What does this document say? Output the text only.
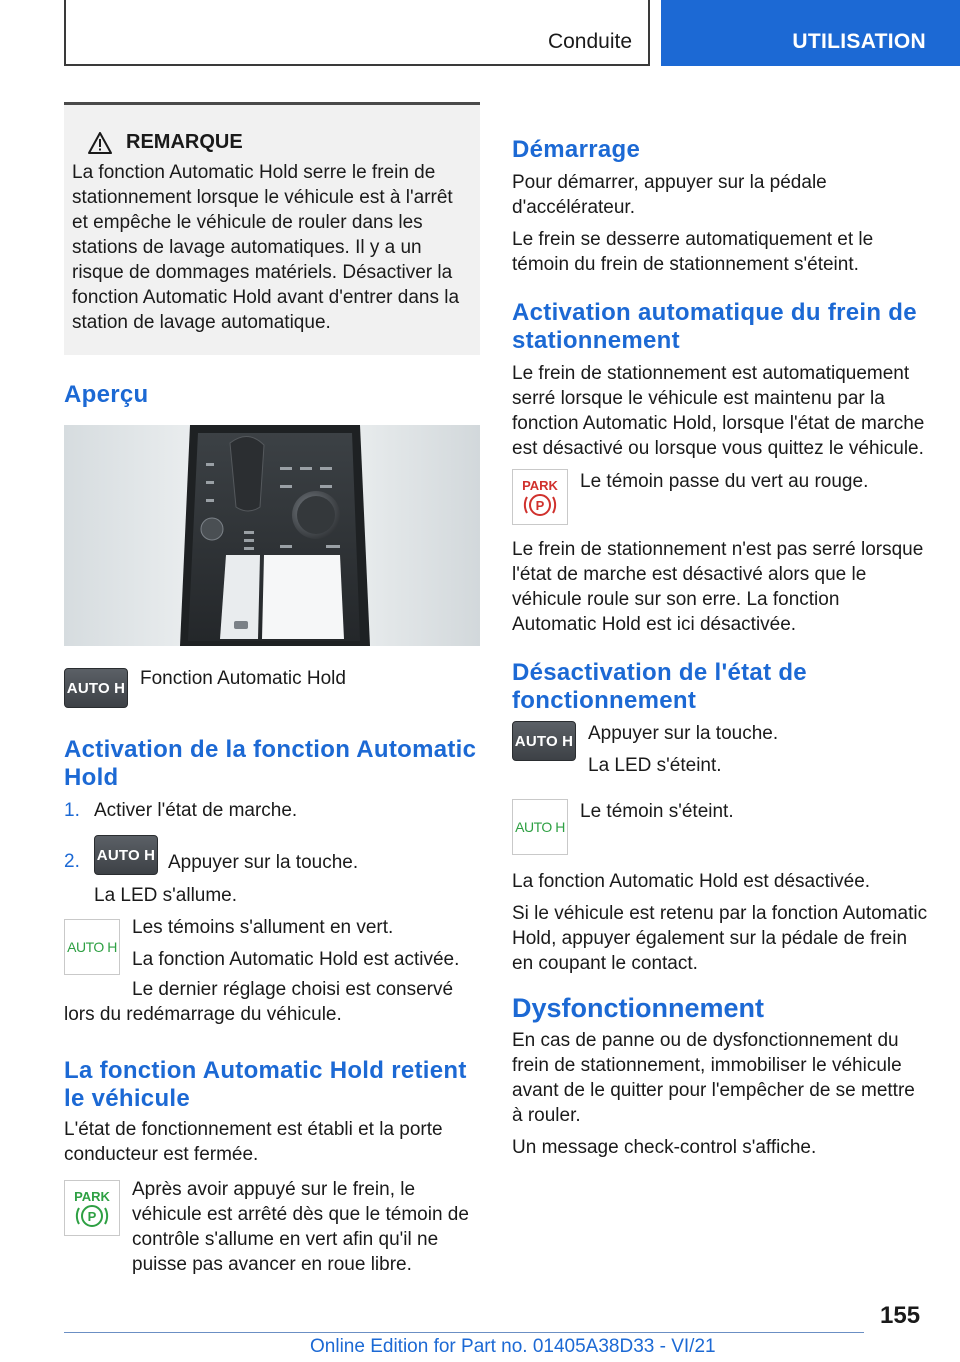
Conduite	UTILISATION
REMARQUE

La fonction Automatic Hold serre le frein de stationnement lorsque le véhicule est à l'arrêt et empêche le véhicule de rouler dans les stations de lavage automatiques. Il y a un risque de dommages matériels. Désactiver la fonction Automatic Hold avant d'entrer dans la station de lavage automatique.

Aperçu
AUTO H Fonction Automatic Hold

Activation de la fonction Automatic Hold
1. Activer l'état de marche.
2.	AUTO H Appuyer sur la touche.

La LED s'allume.

AUTO H

Les témoins s'allument en vert.

La fonction Automatic Hold est activée.

Le dernier réglage choisi est conservé lors du redémarrage du véhicule.

La fonction Automatic Hold retient le véhicule

L'état de fonctionnement est établi et la porte conducteur est fermée.

PARK
P

Après avoir appuyé sur le frein, le véhicule est arrêté dès que le témoin de contrôle s'allume en vert afin qu'il ne puisse pas avancer en roue libre.

Démarrage

Pour démarrer, appuyer sur la pédale d'accélérateur.

Le frein se desserre automatiquement et le témoin du frein de stationnement s'éteint.

Activation automatique du frein de stationnement

Le frein de stationnement est automatiquement serré lorsque le véhicule est maintenu par la fonction Automatic Hold, lorsque l'état de marche est désactivé ou lorsque vous quittez le véhicule.

PARK
P

Le témoin passe du vert au rouge.

Le frein de stationnement n'est pas serré lorsque l'état de marche est désactivé alors que le véhicule roule sur son erre. La fonction Automatic Hold est ici désactivée.

Désactivation de l'état de fonctionnement
AUTO H Appuyer sur la touche.

La LED s'éteint.

AUTO H

Le témoin s'éteint.

La fonction Automatic Hold est désactivée.

Si le véhicule est retenu par la fonction Automatic Hold, appuyer également sur la pédale de frein en coupant le contact.

Dysfonctionnement

En cas de panne ou de dysfonctionnement du frein de stationnement, immobiliser le véhicule avant de le quitter pour l'empêcher de se mettre à rouler.

Un message check-control s'affiche.

155
Online Edition for Part no. 01405A38D33 - VI/21
